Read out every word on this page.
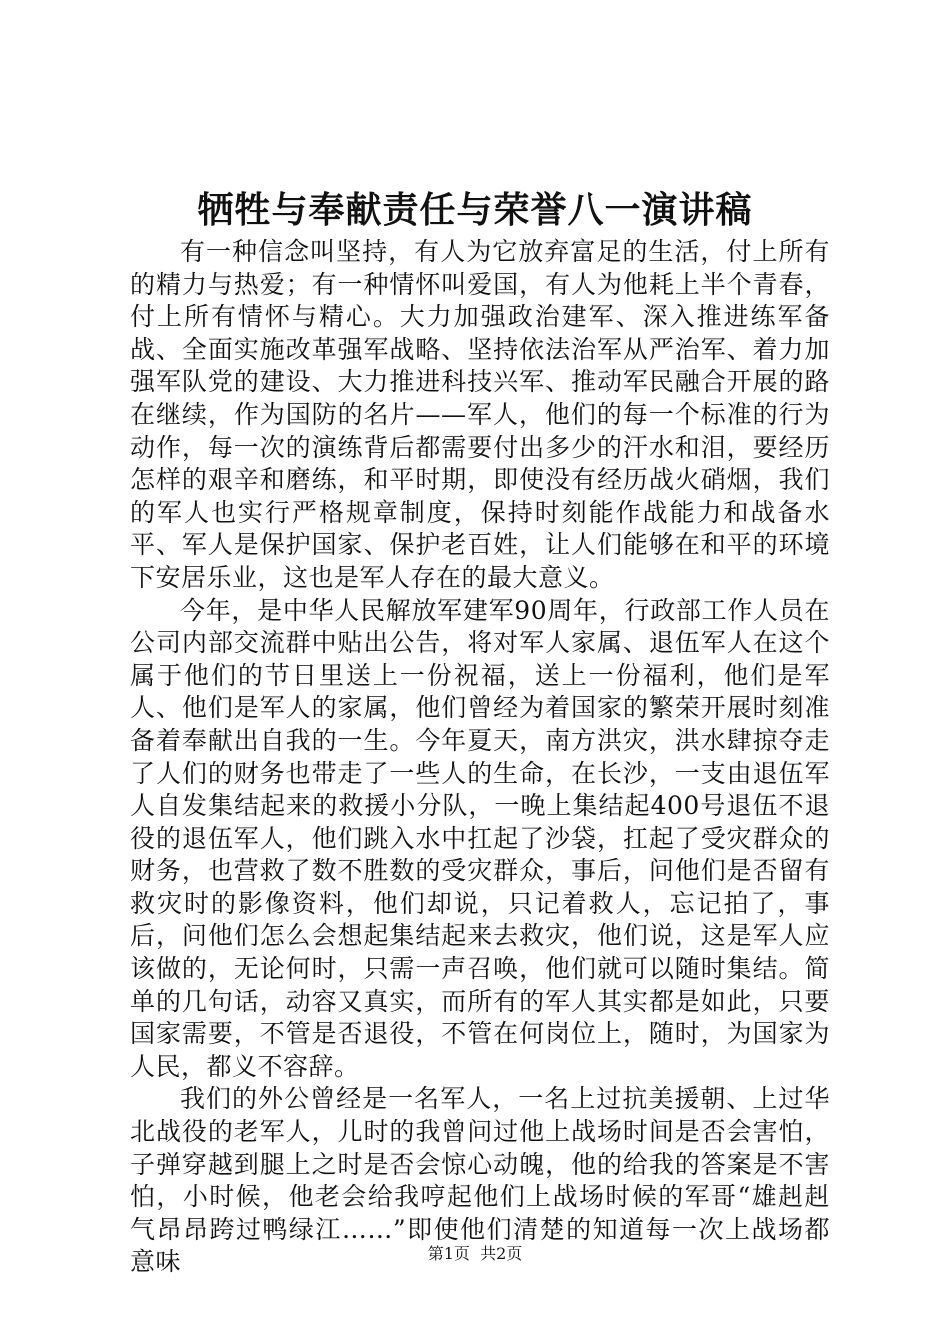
牺牲与奉献责任与荣誉八一演讲稿

有一种信念叫坚持，有人为它放弃富足的生活，付上所有的精力与热爱；有一种情怀叫爱国，有人为他耗上半个青春，付上所有情怀与精心。大力加强政治建军、深入推进练军备战、全面实施改革强军战略、坚持依法治军从严治军、着力加强军队党的建设、大力推进科技兴军、推动军民融合开展的路在继续，作为国防的名片——军人，他们的每一个标准的行为动作，每一次的演练背后都需要付出多少的汗水和泪，要经历怎样的艰辛和磨练，和平时期，即使没有经历战火硝烟，我们的军人也实行严格规章制度，保持时刻能作战能力和战备水平、军人是保护国家、保护老百姓，让人们能够在和平的环境下安居乐业，这也是军人存在的最大意义。

今年，是中华人民解放军建军90周年，行政部工作人员在公司内部交流群中贴出公告，将对军人家属、退伍军人在这个属于他们的节日里送上一份祝福，送上一份福利，他们是军人、他们是军人的家属，他们曾经为着国家的繁荣开展时刻准备着奉献出自我的一生。今年夏天，南方洪灾，洪水肆掠夺走了人们的财务也带走了一些人的生命，在长沙，一支由退伍军人自发集结起来的救援小分队，一晚上集结起400号退伍不退役的退伍军人，他们跳入水中扛起了沙袋，扛起了受灾群众的财务，也营救了数不胜数的受灾群众，事后，问他们是否留有救灾时的影像资料，他们却说，只记着救人，忘记拍了，事后，问他们怎么会想起集结起来去救灾，他们说，这是军人应该做的，无论何时，只需一声召唤，他们就可以随时集结。简单的几句话，动容又真实，而所有的军人其实都是如此，只要国家需要，不管是否退役，不管在何岗位上，随时，为国家为人民，都义不容辞。

我们的外公曾经是一名军人，一名上过抗美援朝、上过华北战役的老军人，儿时的我曾问过他上战场时间是否会害怕，子弹穿越到腿上之时是否会惊心动魄，他的给我的答案是不害怕，小时候，他老会给我哼起他们上战场时候的军哥“雄赳赳气昂昂跨过鸭绿江……”即使他们清楚的知道每一次上战场都意味	第1页 共2页
